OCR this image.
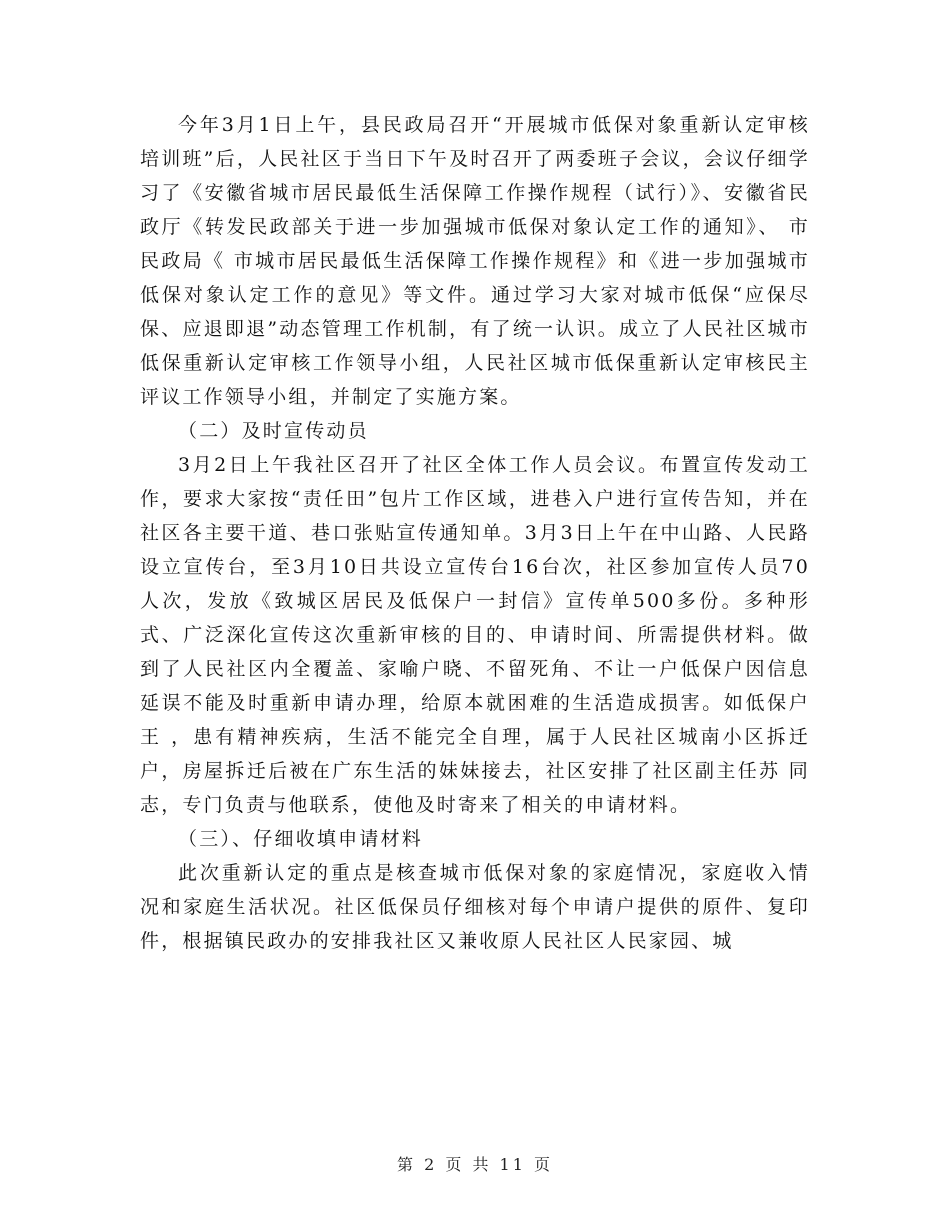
今年3月1日上午，县民政局召开“开展城市低保对象重新认定审核培训班”后，人民社区于当日下午及时召开了两委班子会议，会议仔细学习了《安徽省城市居民最低生活保障工作操作规程（试行）》、安徽省民政厅《转发民政部关于进一步加强城市低保对象认定工作的通知》、 市民政局《 市城市居民最低生活保障工作操作规程》和《进一步加强城市低保对象认定工作的意见》等文件。通过学习大家对城市低保“应保尽保、应退即退”动态管理工作机制，有了统一认识。成立了人民社区城市低保重新认定审核工作领导小组，人民社区城市低保重新认定审核民主评议工作领导小组，并制定了实施方案。

（二）及时宣传动员

3月2日上午我社区召开了社区全体工作人员会议。布置宣传发动工作，要求大家按“责任田”包片工作区域，进巷入户进行宣传告知，并在社区各主要干道、巷口张贴宣传通知单。3月3日上午在中山路、人民路设立宣传台，至3月10日共设立宣传台16台次，社区参加宣传人员70人次，发放《致城区居民及低保户一封信》宣传单500多份。多种形式、广泛深化宣传这次重新审核的目的、申请时间、所需提供材料。做到了人民社区内全覆盖、家喻户晓、不留死角、不让一户低保户因信息延误不能及时重新申请办理，给原本就困难的生活造成损害。如低保户王 ，患有精神疾病，生活不能完全自理，属于人民社区城南小区拆迁户，房屋拆迁后被在广东生活的妹妹接去，社区安排了社区副主任苏 同志，专门负责与他联系，使他及时寄来了相关的申请材料。

（三）、仔细收填申请材料

此次重新认定的重点是核查城市低保对象的家庭情况，家庭收入情况和家庭生活状况。社区低保员仔细核对每个申请户提供的原件、复印件，根据镇民政办的安排我社区又兼收原人民社区人民家园、城

第 2 页 共 11 页
